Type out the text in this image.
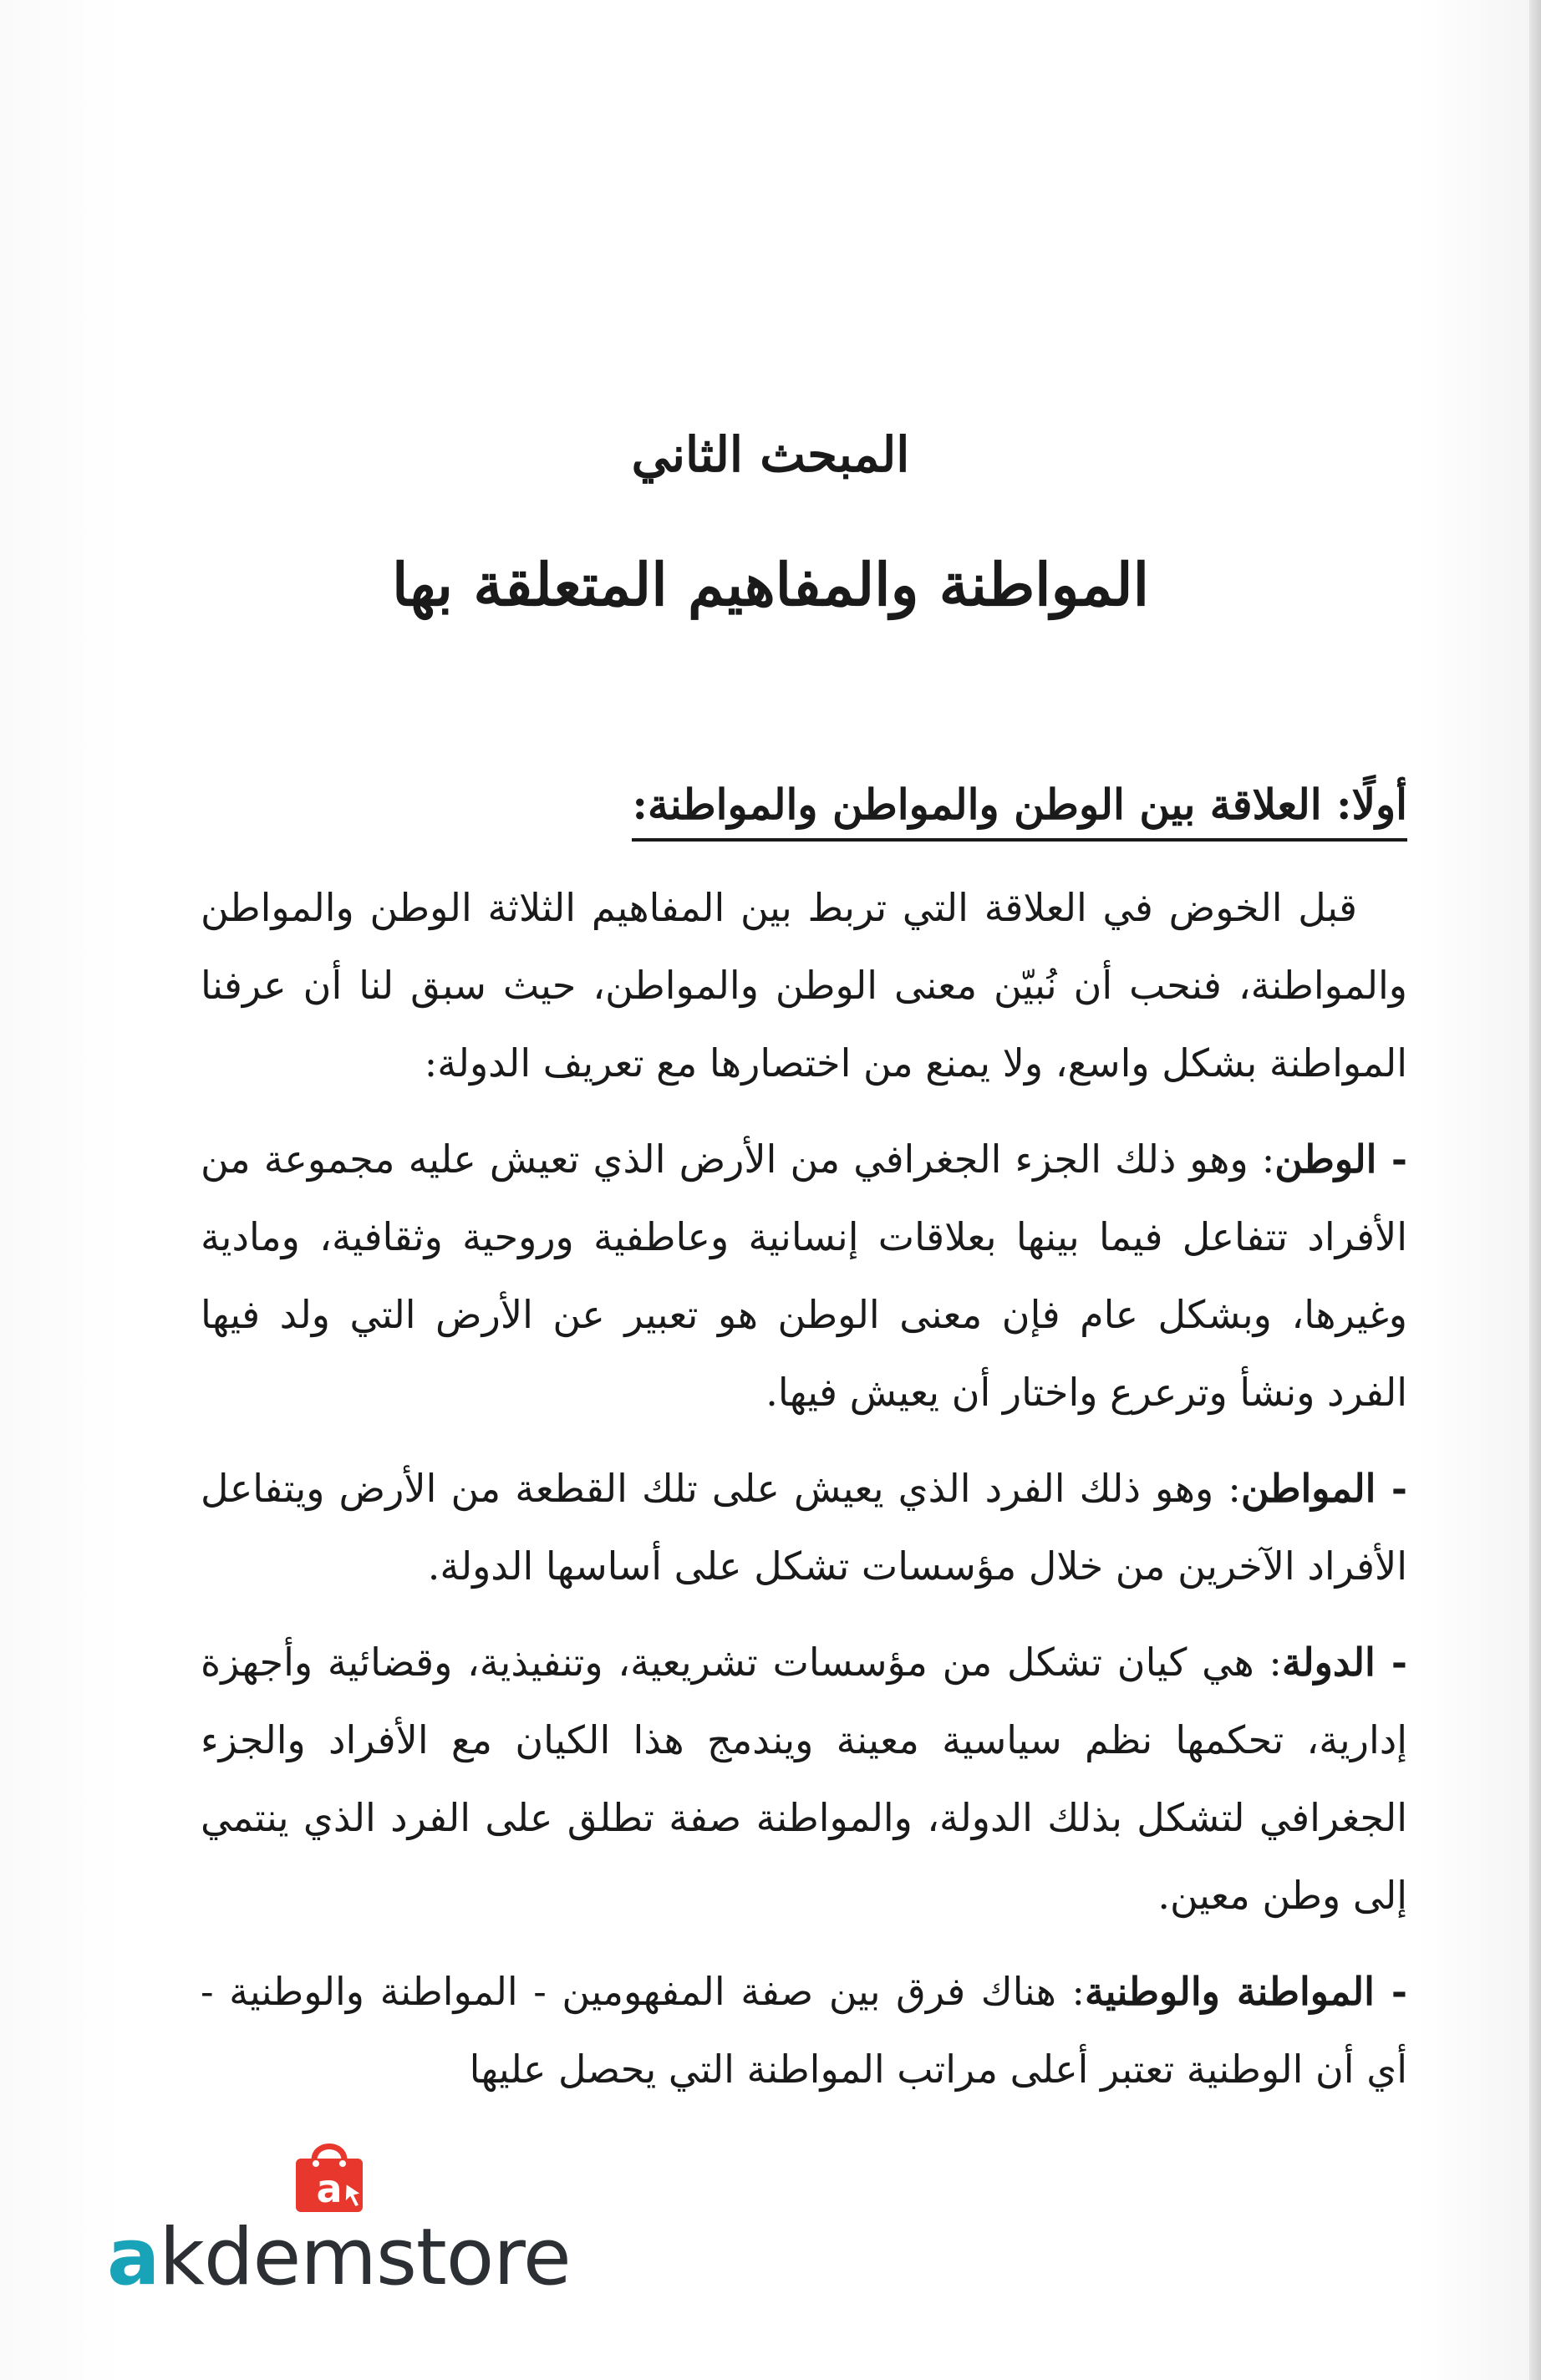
المبحث الثاني
المواطنة والمفاهيم المتعلقة بها
أولًا: العلاقة بين الوطن والمواطن والمواطنة:

قبل الخوض في العلاقة التي تربط بين المفاهيم الثلاثة الوطن والمواطن والمواطنة، فنحب أن نُبيّن معنى الوطن والمواطن، حيث سبق لنا أن عرفنا المواطنة بشكل واسع، ولا يمنع من اختصارها مع تعريف الدولة:

- الوطن: وهو ذلك الجزء الجغرافي من الأرض الذي تعيش عليه مجموعة من الأفراد تتفاعل فيما بينها بعلاقات إنسانية وعاطفية وروحية وثقافية، ومادية وغيرها، وبشكل عام فإن معنى الوطن هو تعبير عن الأرض التي ولد فيها الفرد ونشأ وترعرع واختار أن يعيش فيها.

- المواطن: وهو ذلك الفرد الذي يعيش على تلك القطعة من الأرض ويتفاعل الأفراد الآخرين من خلال مؤسسات تشكل على أساسها الدولة.

- الدولة: هي كيان تشكل من مؤسسات تشريعية، وتنفيذية، وقضائية وأجهزة إدارية، تحكمها نظم سياسية معينة ويندمج هذا الكيان مع الأفراد والجزء الجغرافي لتشكل بذلك الدولة، والمواطنة صفة تطلق على الفرد الذي ينتمي إلى وطن معين.

- المواطنة والوطنية: هناك فرق بين صفة المفهومين - المواطنة والوطنية - أي أن الوطنية تعتبر أعلى مراتب المواطنة التي يحصل عليها

a
akdemstore
